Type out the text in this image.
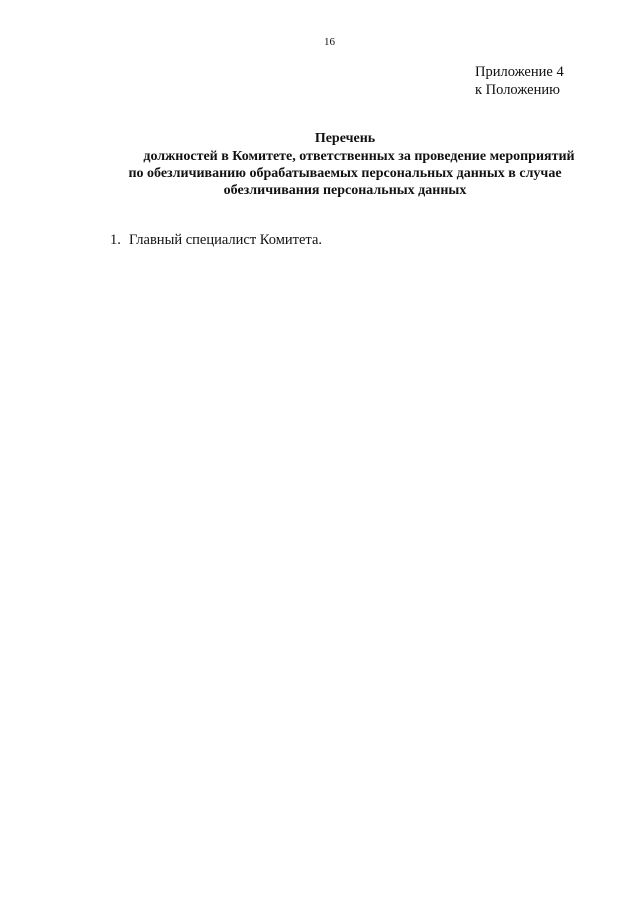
16
Приложение 4
к Положению
Перечень
должностей в Комитете, ответственных за проведение мероприятий
по обезличиванию обрабатываемых персональных данных в случае
обезличивания персональных данных
1. Главный специалист Комитета.
